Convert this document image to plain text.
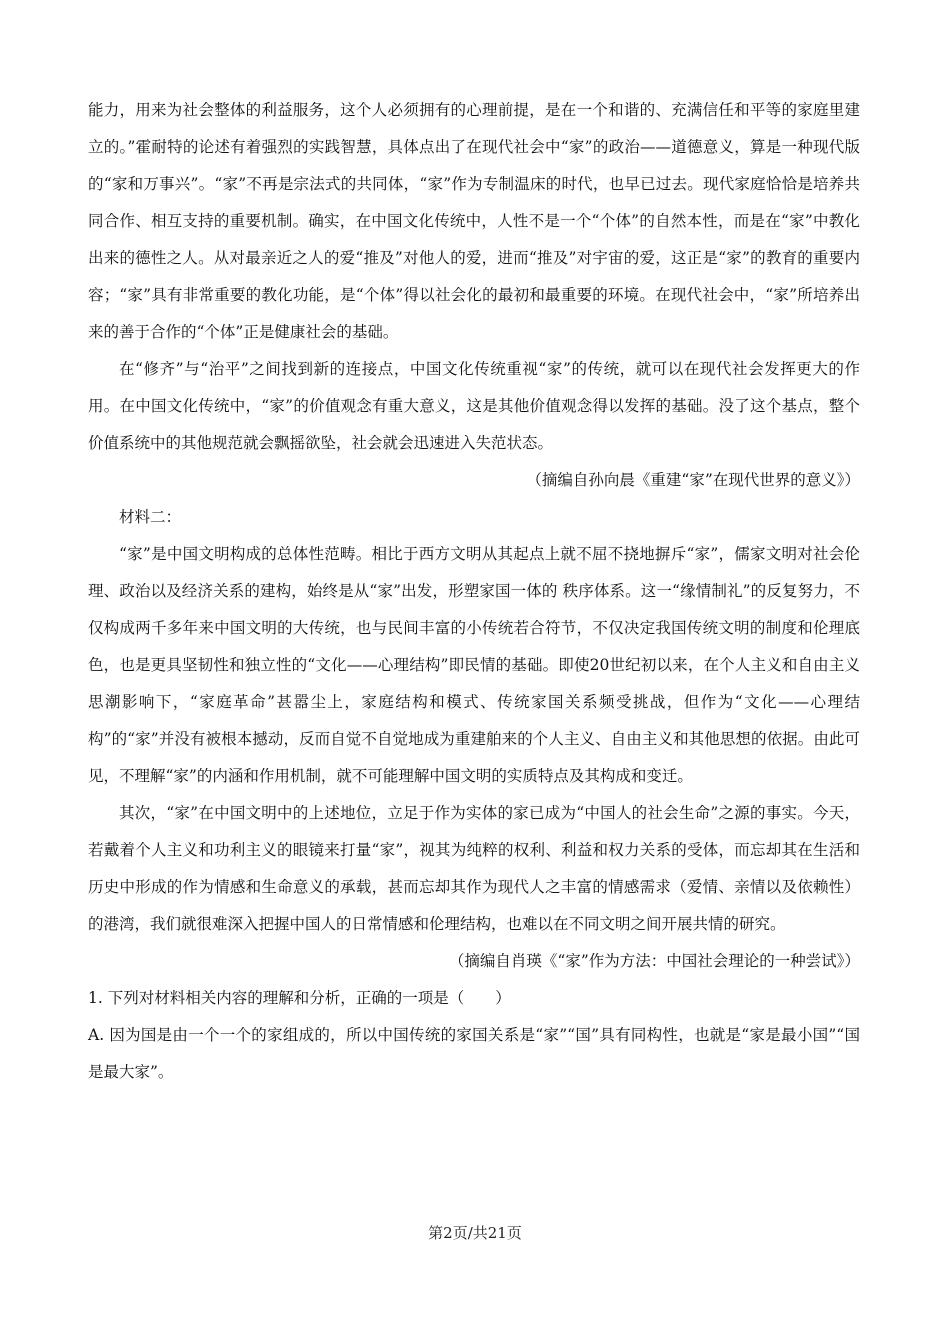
能力，用来为社会整体的利益服务，这个人必须拥有的心理前提，是在一个和谐的、充满信任和平等的家庭里建立的。”霍耐特的论述有着强烈的实践智慧，具体点出了在现代社会中“家”的政治——道德意义，算是一种现代版的“家和万事兴”。“家”不再是宗法式的共同体，“家”作为专制温床的时代，也早已过去。现代家庭恰恰是培养共同合作、相互支持的重要机制。确实，在中国文化传统中，人性不是一个“个体”的自然本性，而是在“家”中教化出来的德性之人。从对最亲近之人的爱“推及”对他人的爱，进而“推及”对宇宙的爱，这正是“家”的教育的重要内容；“家”具有非常重要的教化功能，是“个体”得以社会化的最初和最重要的环境。在现代社会中，“家”所培养出来的善于合作的“个体”正是健康社会的基础。

在“修齐”与“治平”之间找到新的连接点，中国文化传统重视“家”的传统，就可以在现代社会发挥更大的作用。在中国文化传统中，“家”的价值观念有重大意义，这是其他价值观念得以发挥的基础。没了这个基点，整个价值系统中的其他规范就会飘摇欲坠，社会就会迅速进入失范状态。

（摘编自孙向晨《重建“家”在现代世界的意义》）

材料二：

“家”是中国文明构成的总体性范畴。相比于西方文明从其起点上就不屈不挠地摒斥“家”，儒家文明对社会伦理、政治以及经济关系的建构，始终是从“家”出发，形塑家国一体的 秩序体系。这一“缘情制礼”的反复努力，不仅构成两千多年来中国文明的大传统，也与民间丰富的小传统若合符节，不仅决定我国传统文明的制度和伦理底色，也是更具坚韧性和独立性的“文化——心理结构”即民情的基础。即使20世纪初以来，在个人主义和自由主义思潮影响下，“家庭革命”甚嚣尘上，家庭结构和模式、传统家国关系频受挑战，但作为“文化——心理结构”的“家”并没有被根本撼动，反而自觉不自觉地成为重建舶来的个人主义、自由主义和其他思想的依据。由此可见，不理解“家”的内涵和作用机制，就不可能理解中国文明的实质特点及其构成和变迁。

其次，“家”在中国文明中的上述地位，立足于作为实体的家已成为“中国人的社会生命”之源的事实。今天，若戴着个人主义和功利主义的眼镜来打量“家”，视其为纯粹的权利、利益和权力关系的受体，而忘却其在生活和历史中形成的作为情感和生命意义的承载，甚而忘却其作为现代人之丰富的情感需求（爱情、亲情以及依赖性）的港湾，我们就很难深入把握中国人的日常情感和伦理结构，也难以在不同文明之间开展共情的研究。

（摘编自肖瑛《“家”作为方法：中国社会理论的一种尝试》）

1. 下列对材料相关内容的理解和分析，正确的一项是（　　）

A. 因为国是由一个一个的家组成的，所以中国传统的家国关系是“家”“国”具有同构性，也就是“家是最小国”“国是最大家”。

第2页/共21页
